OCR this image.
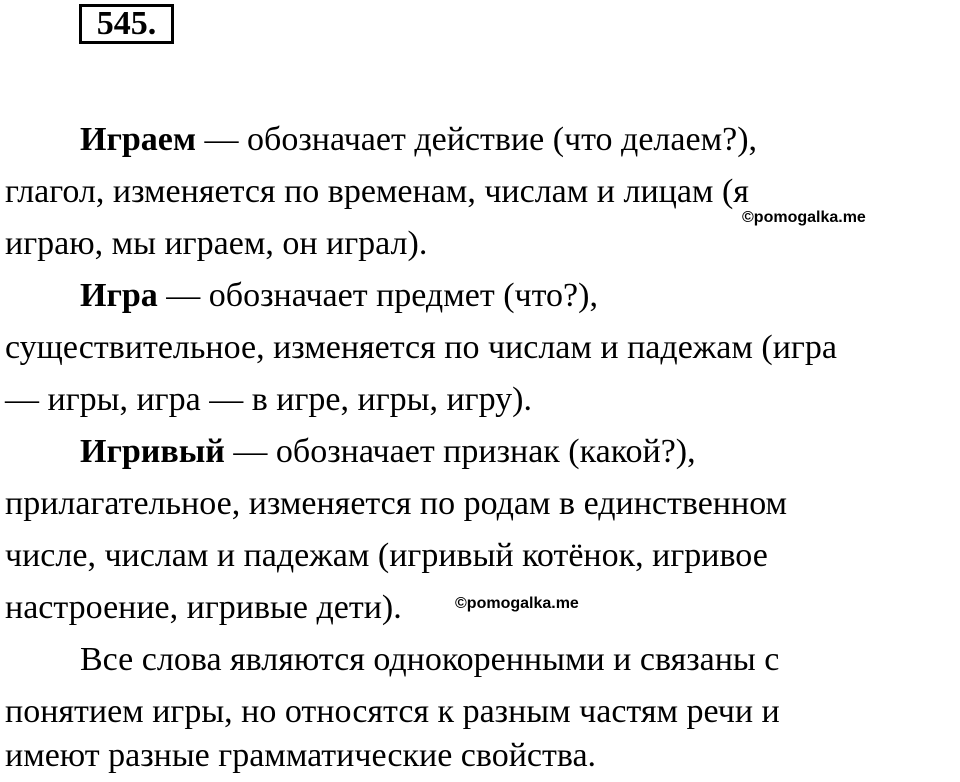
545.
Играем — обозначает действие (что делаем?),
глагол, изменяется по временам, числам и лицам (я
©pomogalka.me
играю, мы играем, он играл).
Игра — обозначает предмет (что?),
существительное, изменяется по числам и падежам (игра
— игры, игра — в игре, игры, игру).
Игривый — обозначает признак (какой?),
прилагательное, изменяется по родам в единственном
числе, числам и падежам (игривый котёнок, игривое
настроение, игривые дети).	©pomogalka.me
Все слова являются однокоренными и связаны с
понятием игры, но относятся к разным частям речи и
имеют разные грамматические свойства.
